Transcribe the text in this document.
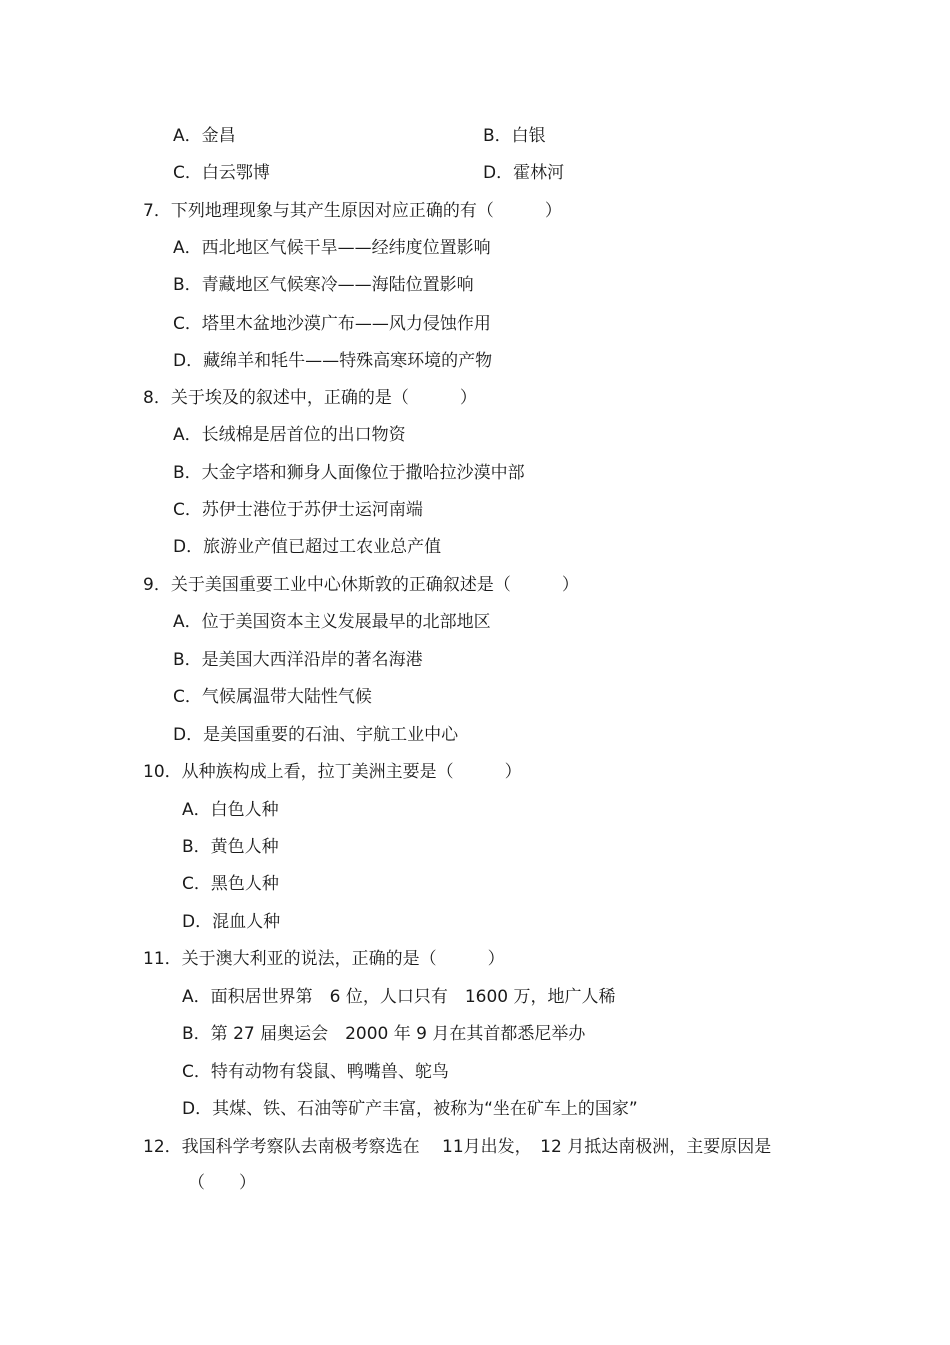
A．金昌	B．白银
C．白云鄂博	D．霍林河
7．下列地理现象与其产生原因对应正确的有（　　　）
A．西北地区气候干旱——经纬度位置影响
B．青藏地区气候寒冷——海陆位置影响
C．塔里木盆地沙漠广布——风力侵蚀作用
D．藏绵羊和牦牛——特殊高寒环境的产物
8．关于埃及的叙述中，正确的是（　　　）
A．长绒棉是居首位的出口物资
B．大金字塔和狮身人面像位于撒哈拉沙漠中部
C．苏伊士港位于苏伊士运河南端
D．旅游业产值已超过工农业总产值
9．关于美国重要工业中心休斯敦的正确叙述是（　　　）
A．位于美国资本主义发展最早的北部地区
B．是美国大西洋沿岸的著名海港
C．气候属温带大陆性气候
D．是美国重要的石油、宇航工业中心
10．从种族构成上看，拉丁美洲主要是（　　　）
A．白色人种
B．黄色人种
C．黑色人种
D．混血人种
11．关于澳大利亚的说法，正确的是（　　　）
A．面积居世界第　6 位，人口只有　1600 万，地广人稀
B．第 27 届奥运会　2000 年 9 月在其首都悉尼举办
C．特有动物有袋鼠、鸭嘴兽、鸵鸟
D．其煤、铁、石油等矿产丰富，被称为“坐在矿车上的国家”
12．我国科学考察队去南极考察选在　 11月出发，　12 月抵达南极洲，主要原因是
（　　）
